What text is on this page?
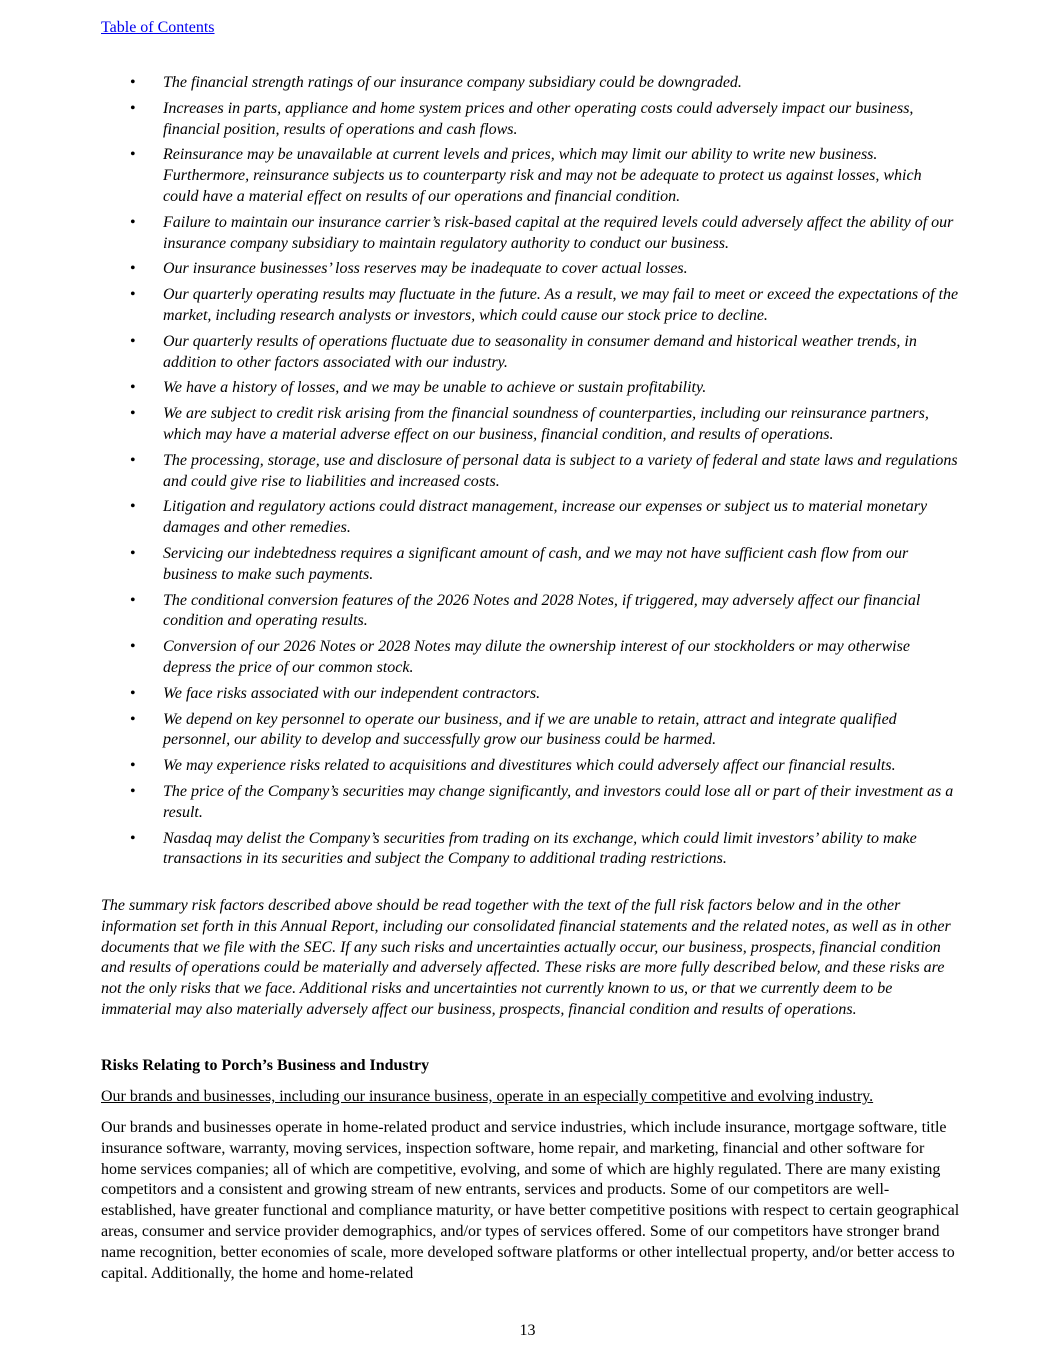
Table of Contents
• The financial strength ratings of our insurance company subsidiary could be downgraded.
• Increases in parts, appliance and home system prices and other operating costs could adversely impact our business, financial position, results of operations and cash flows.
• Reinsurance may be unavailable at current levels and prices, which may limit our ability to write new business. Furthermore, reinsurance subjects us to counterparty risk and may not be adequate to protect us against losses, which could have a material effect on results of our operations and financial condition.
• Failure to maintain our insurance carrier’s risk-based capital at the required levels could adversely affect the ability of our insurance company subsidiary to maintain regulatory authority to conduct our business.
• Our insurance businesses’ loss reserves may be inadequate to cover actual losses.
• Our quarterly operating results may fluctuate in the future. As a result, we may fail to meet or exceed the expectations of the market, including research analysts or investors, which could cause our stock price to decline.
• Our quarterly results of operations fluctuate due to seasonality in consumer demand and historical weather trends, in addition to other factors associated with our industry.
• We have a history of losses, and we may be unable to achieve or sustain profitability.
• We are subject to credit risk arising from the financial soundness of counterparties, including our reinsurance partners, which may have a material adverse effect on our business, financial condition, and results of operations.
• The processing, storage, use and disclosure of personal data is subject to a variety of federal and state laws and regulations and could give rise to liabilities and increased costs.
• Litigation and regulatory actions could distract management, increase our expenses or subject us to material monetary damages and other remedies.
• Servicing our indebtedness requires a significant amount of cash, and we may not have sufficient cash flow from our business to make such payments.
• The conditional conversion features of the 2026 Notes and 2028 Notes, if triggered, may adversely affect our financial condition and operating results.
• Conversion of our 2026 Notes or 2028 Notes may dilute the ownership interest of our stockholders or may otherwise depress the price of our common stock.
• We face risks associated with our independent contractors.
• We depend on key personnel to operate our business, and if we are unable to retain, attract and integrate qualified personnel, our ability to develop and successfully grow our business could be harmed.
• We may experience risks related to acquisitions and divestitures which could adversely affect our financial results.
• The price of the Company’s securities may change significantly, and investors could lose all or part of their investment as a result.
• Nasdaq may delist the Company’s securities from trading on its exchange, which could limit investors’ ability to make transactions in its securities and subject the Company to additional trading restrictions.

The summary risk factors described above should be read together with the text of the full risk factors below and in the other information set forth in this Annual Report, including our consolidated financial statements and the related notes, as well as in other documents that we file with the SEC. If any such risks and uncertainties actually occur, our business, prospects, financial condition and results of operations could be materially and adversely affected. These risks are more fully described below, and these risks are not the only risks that we face. Additional risks and uncertainties not currently known to us, or that we currently deem to be immaterial may also materially adversely affect our business, prospects, financial condition and results of operations.

Risks Relating to Porch’s Business and Industry

Our brands and businesses, including our insurance business, operate in an especially competitive and evolving industry.

Our brands and businesses operate in home-related product and service industries, which include insurance, mortgage software, title insurance software, warranty, moving services, inspection software, home repair, and marketing, financial and other software for home services companies; all of which are competitive, evolving, and some of which are highly regulated. There are many existing competitors and a consistent and growing stream of new entrants, services and products. Some of our competitors are well-established, have greater functional and compliance maturity, or have better competitive positions with respect to certain geographical areas, consumer and service provider demographics, and/or types of services offered. Some of our competitors have stronger brand name recognition, better economies of scale, more developed software platforms or other intellectual property, and/or better access to capital. Additionally, the home and home-related

13
